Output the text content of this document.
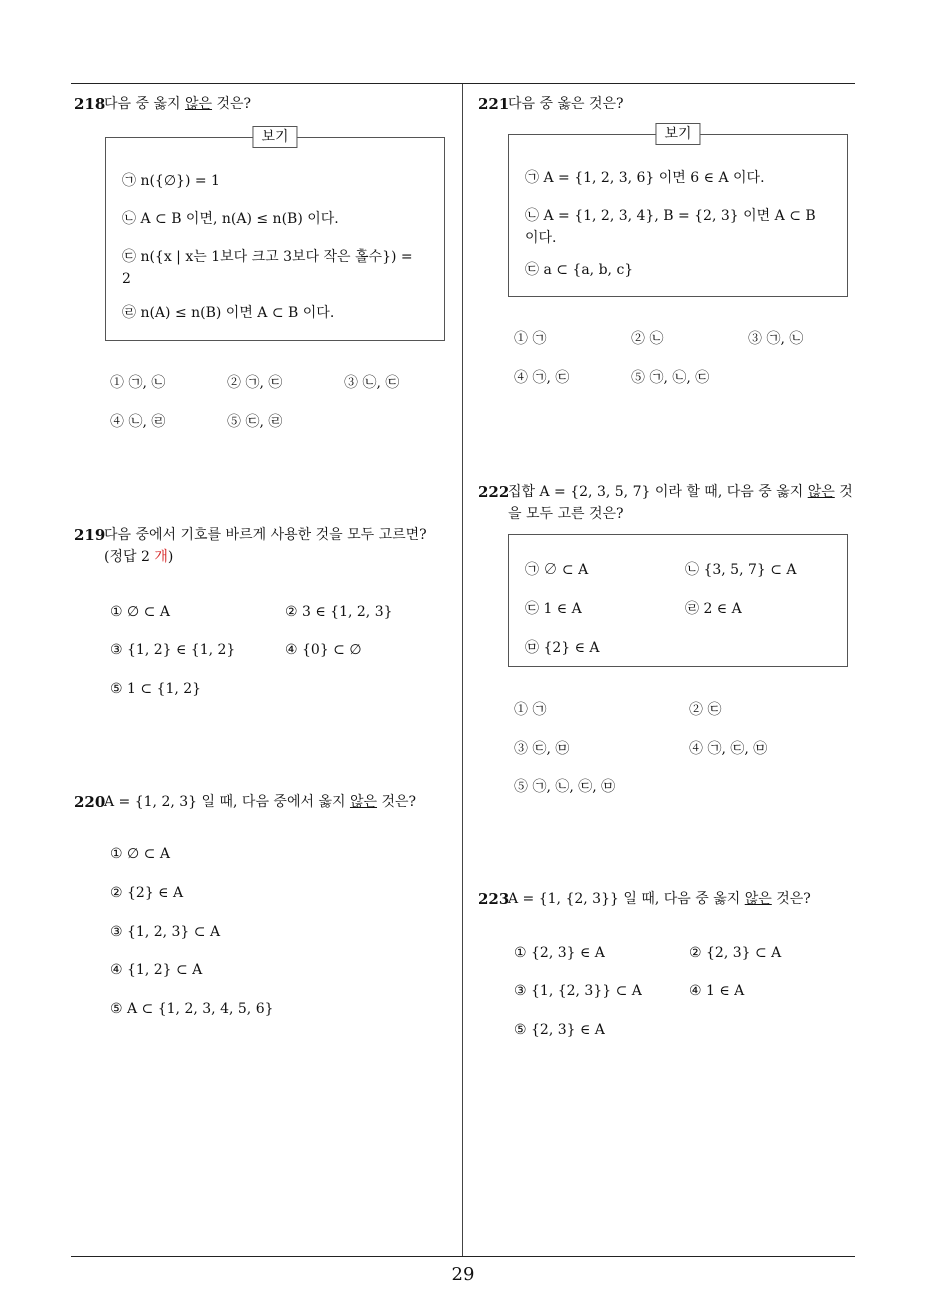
29
218
다음 중 옳지 않은 것은?
보기
㉠ n({∅}) = 1
㉡ A ⊂ B 이면, n(A) ≤ n(B) 이다.
㉢ n({x | x는 1보다 크고 3보다 작은 홀수}) = 2
㉣ n(A) ≤ n(B) 이면 A ⊂ B 이다.
① ㉠, ㉡	② ㉠, ㉢	③ ㉡, ㉢
④ ㉡, ㉣	⑤ ㉢, ㉣
219
다음 중에서 기호를 바르게 사용한 것을 모두 고르면?
(정답 2 개)
① ∅ ⊂ A	② 3 ∈ {1, 2, 3}
③ {1, 2} ∈ {1, 2}	④ {0} ⊂ ∅
⑤ 1 ⊂ {1, 2}
220
A = {1, 2, 3} 일 때, 다음 중에서 옳지 않은 것은?
① ∅ ⊂ A
② {2} ∈ A
③ {1, 2, 3} ⊂ A
④ {1, 2} ⊂ A
⑤ A ⊂ {1, 2, 3, 4, 5, 6}
221
다음 중 옳은 것은?
보기
㉠ A = {1, 2, 3, 6} 이면 6 ∈ A 이다.
㉡ A = {1, 2, 3, 4}, B = {2, 3} 이면 A ⊂ B 이다.
㉢ a ⊂ {a, b, c}
① ㉠	② ㉡	③ ㉠, ㉡
④ ㉠, ㉢	⑤ ㉠, ㉡, ㉢
222
집합 A = {2, 3, 5, 7} 이라 할 때, 다음 중 옳지 않은 것을 모두 고른 것은?
㉠ ∅ ⊂ A	㉡ {3, 5, 7} ⊂ A
㉢ 1 ∈ A	㉣ 2 ∈ A
㉤ {2} ∈ A
① ㉠	② ㉢
③ ㉢, ㉤	④ ㉠, ㉢, ㉤
⑤ ㉠, ㉡, ㉢, ㉤
223
A = {1, {2, 3}} 일 때, 다음 중 옳지 않은 것은?
① {2, 3} ∈ A	② {2, 3} ⊂ A
③ {1, {2, 3}} ⊂ A	④ 1 ∈ A
⑤ {2, 3} ∈ A
